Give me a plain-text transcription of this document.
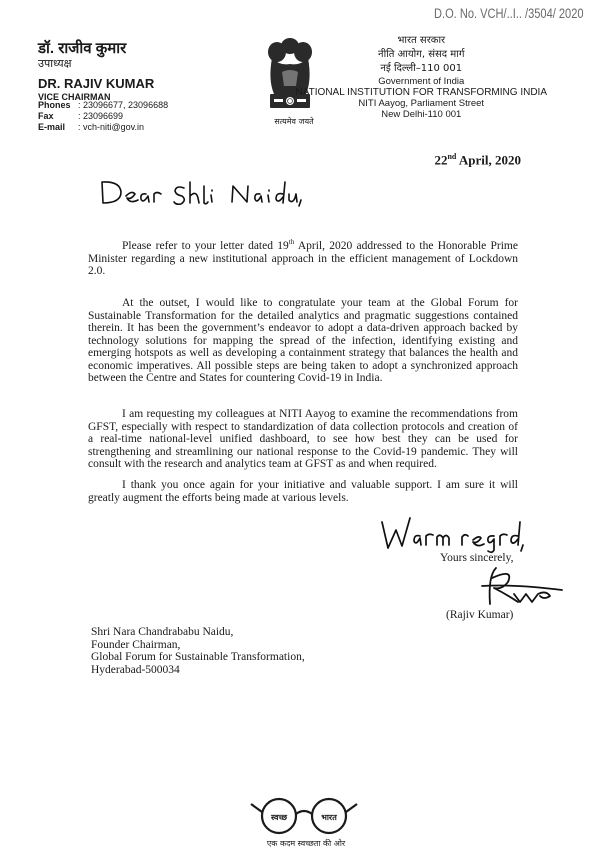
D.O. No. VCH/..I.. /3504/ 2020
डॉ. राजीव कुमार
उपाध्यक्ष
DR. RAJIV KUMAR
VICE CHAIRMAN
Phones : 23096677, 23096688
Fax	: 23096699
E-mail	: vch-niti@gov.in
सत्यमेव जयते
भारत सरकार
नीति आयोग, संसद मार्ग
नई दिल्ली–110 001
Government of India
NATIONAL INSTITUTION FOR TRANSFORMING INDIA
NITI Aayog, Parliament Street
New Delhi-110 001
22nd April, 2020

Please refer to your letter dated 19th April, 2020 addressed to the Honorable Prime Minister regarding a new institutional approach in the efficient management of Lockdown 2.0.

At the outset, I would like to congratulate your team at the Global Forum for Sustainable Transformation for the detailed analytics and pragmatic suggestions contained therein. It has been the government’s endeavor to adopt a data-driven approach backed by technology solutions for mapping the spread of the infection, identifying existing and emerging hotspots as well as developing a containment strategy that balances the health and economic imperatives. All possible steps are being taken to adopt a synchronized approach between the Centre and States for countering Covid-19 in India.

I am requesting my colleagues at NITI Aayog to examine the recommendations from GFST, especially with respect to standardization of data collection protocols and creation of a real-time national-level unified dashboard, to see how best they can be used for strengthening and streamlining our national response to the Covid-19 pandemic. They will consult with the research and analytics team at GFST as and when required.

I thank you once again for your initiative and valuable support. I am sure it will greatly augment the efforts being made at various levels.

Yours sincerely,
(Rajiv Kumar)
Shri Nara Chandrababu Naidu,
Founder Chairman,
Global Forum for Sustainable Transformation,
Hyderabad-500034
स्वच्छ	भारत
एक कदम स्वच्छता की ओर
